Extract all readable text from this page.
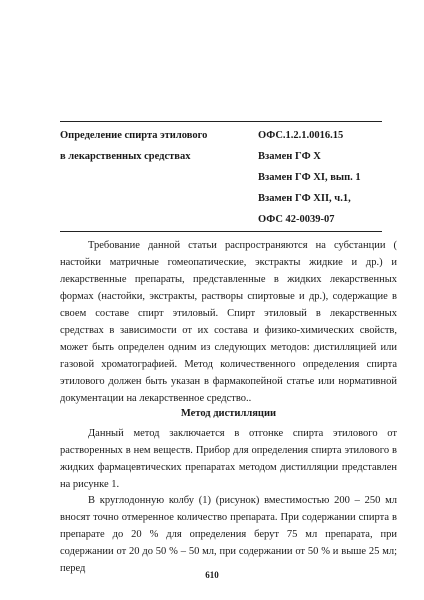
Определение спирта этилового
в лекарственных средствах
ОФС.1.2.1.0016.15
Взамен ГФ X
Взамен ГФ XI, вып. 1
Взамен ГФ XII, ч.1,
ОФС 42-0039-07

Требование данной статьи распространяются на субстанции ( настойки матричные гомеопатические, экстракты жидкие и др.) и лекарственные препараты, представленные в жидких лекарственных формах (настойки, экстракты, растворы спиртовые и др.), содержащие в своем составе спирт этиловый. Спирт этиловый в лекарственных средствах в зависимости от их состава и физико-химических свойств, может быть определен одним из следующих методов: дистилляцией или газовой хроматографией. Метод количественного определения спирта этилового должен быть указан в фармакопейной статье или нормативной документации на лекарственное средство..

Метод дистилляции

Данный метод заключается в отгонке спирта этилового от растворенных в нем веществ. Прибор для определения спирта этилового в жидких фармацевтических препаратах методом дистилляции представлен на рисунке 1.

В круглодонную колбу (1) (рисунок) вместимостью 200 – 250 мл вносят точно отмеренное количество препарата. При содержании спирта в препарате до 20 % для определения берут 75 мл препарата, при содержании от 20 до 50 % – 50 мл, при содержании от 50 % и выше 25 мл; перед

610
